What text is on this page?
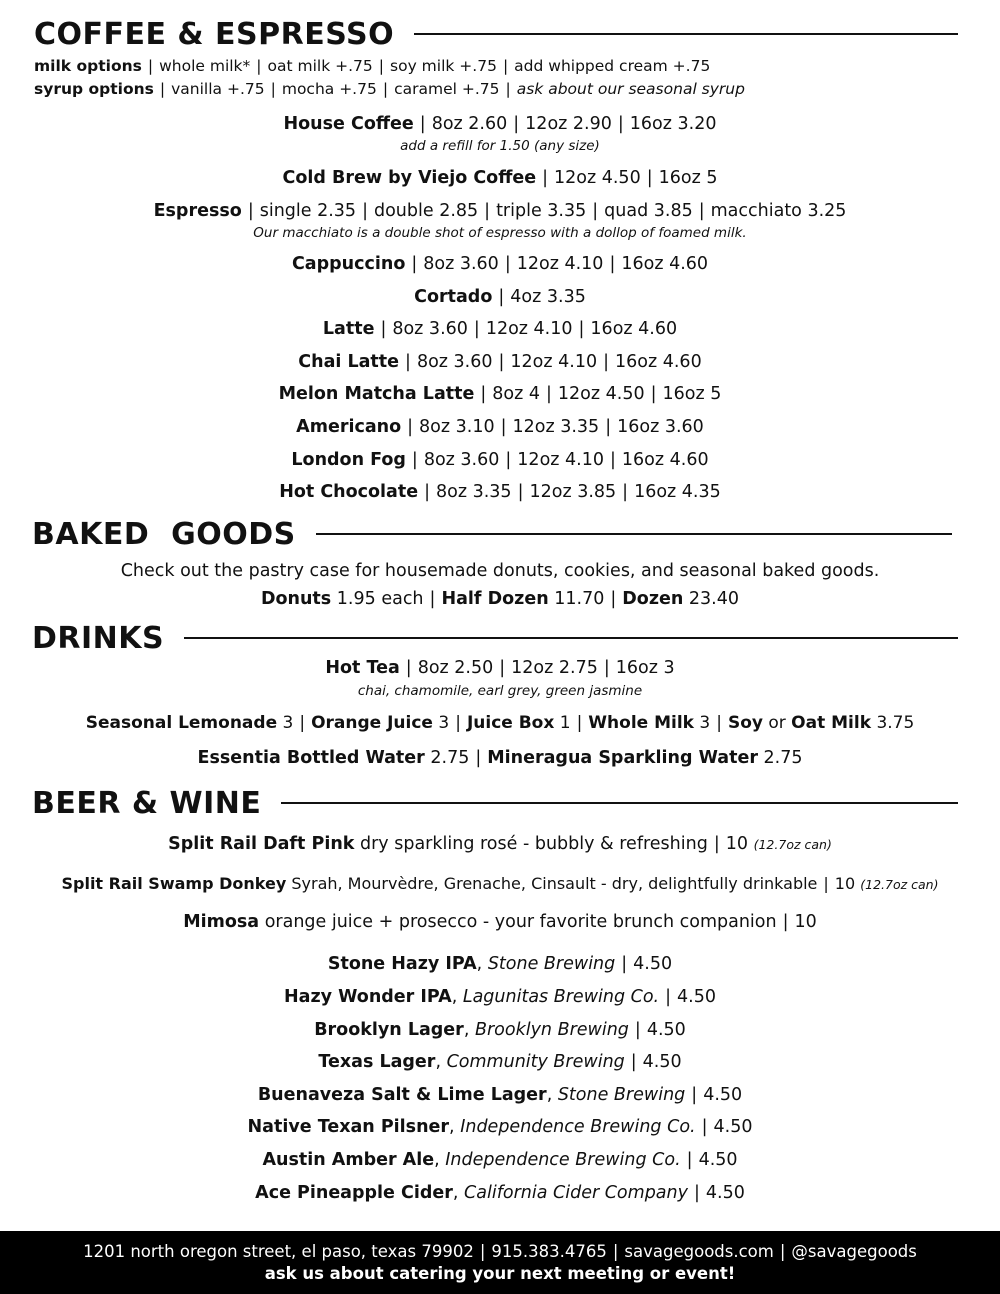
COFFEE & ESPRESSO
milk options | whole milk* | oat milk +.75 | soy milk +.75 | add whipped cream +.75
syrup options | vanilla +.75 | mocha +.75 | caramel +.75 | ask about our seasonal syrup
House Coffee | 8oz 2.60 | 12oz 2.90 | 16oz 3.20
add a refill for 1.50 (any size)
Cold Brew by Viejo Coffee | 12oz 4.50 | 16oz 5
Espresso | single 2.35 | double 2.85 | triple 3.35 | quad 3.85 | macchiato 3.25
Our macchiato is a double shot of espresso with a dollop of foamed milk.
Cappuccino | 8oz 3.60 | 12oz 4.10 | 16oz 4.60
Cortado | 4oz 3.35
Latte | 8oz 3.60 | 12oz 4.10 | 16oz 4.60
Chai Latte | 8oz 3.60 | 12oz 4.10 | 16oz 4.60
Melon Matcha Latte | 8oz 4 | 12oz 4.50 | 16oz 5
Americano | 8oz 3.10 | 12oz 3.35 | 16oz 3.60
London Fog | 8oz 3.60 | 12oz 4.10 | 16oz 4.60
Hot Chocolate | 8oz 3.35 | 12oz 3.85 | 16oz 4.35
BAKED  GOODS
Check out the pastry case for housemade donuts, cookies, and seasonal baked goods.
Donuts 1.95 each | Half Dozen 11.70 | Dozen 23.40
DRINKS
Hot Tea | 8oz 2.50 | 12oz 2.75 | 16oz 3
chai, chamomile, earl grey, green jasmine
Seasonal Lemonade 3 | Orange Juice 3 | Juice Box 1 | Whole Milk 3 | Soy or Oat Milk 3.75
Essentia Bottled Water 2.75 | Mineragua Sparkling Water 2.75
BEER & WINE
Split Rail Daft Pink dry sparkling rosé - bubbly & refreshing | 10 (12.7oz can)
Split Rail Swamp Donkey Syrah, Mourvèdre, Grenache, Cinsault - dry, delightfully drinkable | 10 (12.7oz can)
Mimosa orange juice + prosecco - your favorite brunch companion | 10
Stone Hazy IPA, Stone Brewing | 4.50
Hazy Wonder IPA, Lagunitas Brewing Co. | 4.50
Brooklyn Lager, Brooklyn Brewing | 4.50
Texas Lager, Community Brewing | 4.50
Buenaveza Salt & Lime Lager, Stone Brewing | 4.50
Native Texan Pilsner, Independence Brewing Co. | 4.50
Austin Amber Ale, Independence Brewing Co. | 4.50
Ace Pineapple Cider, California Cider Company | 4.50
1201 north oregon street, el paso, texas 79902 | 915.383.4765 | savagegoods.com | @savagegoods
ask us about catering your next meeting or event!
